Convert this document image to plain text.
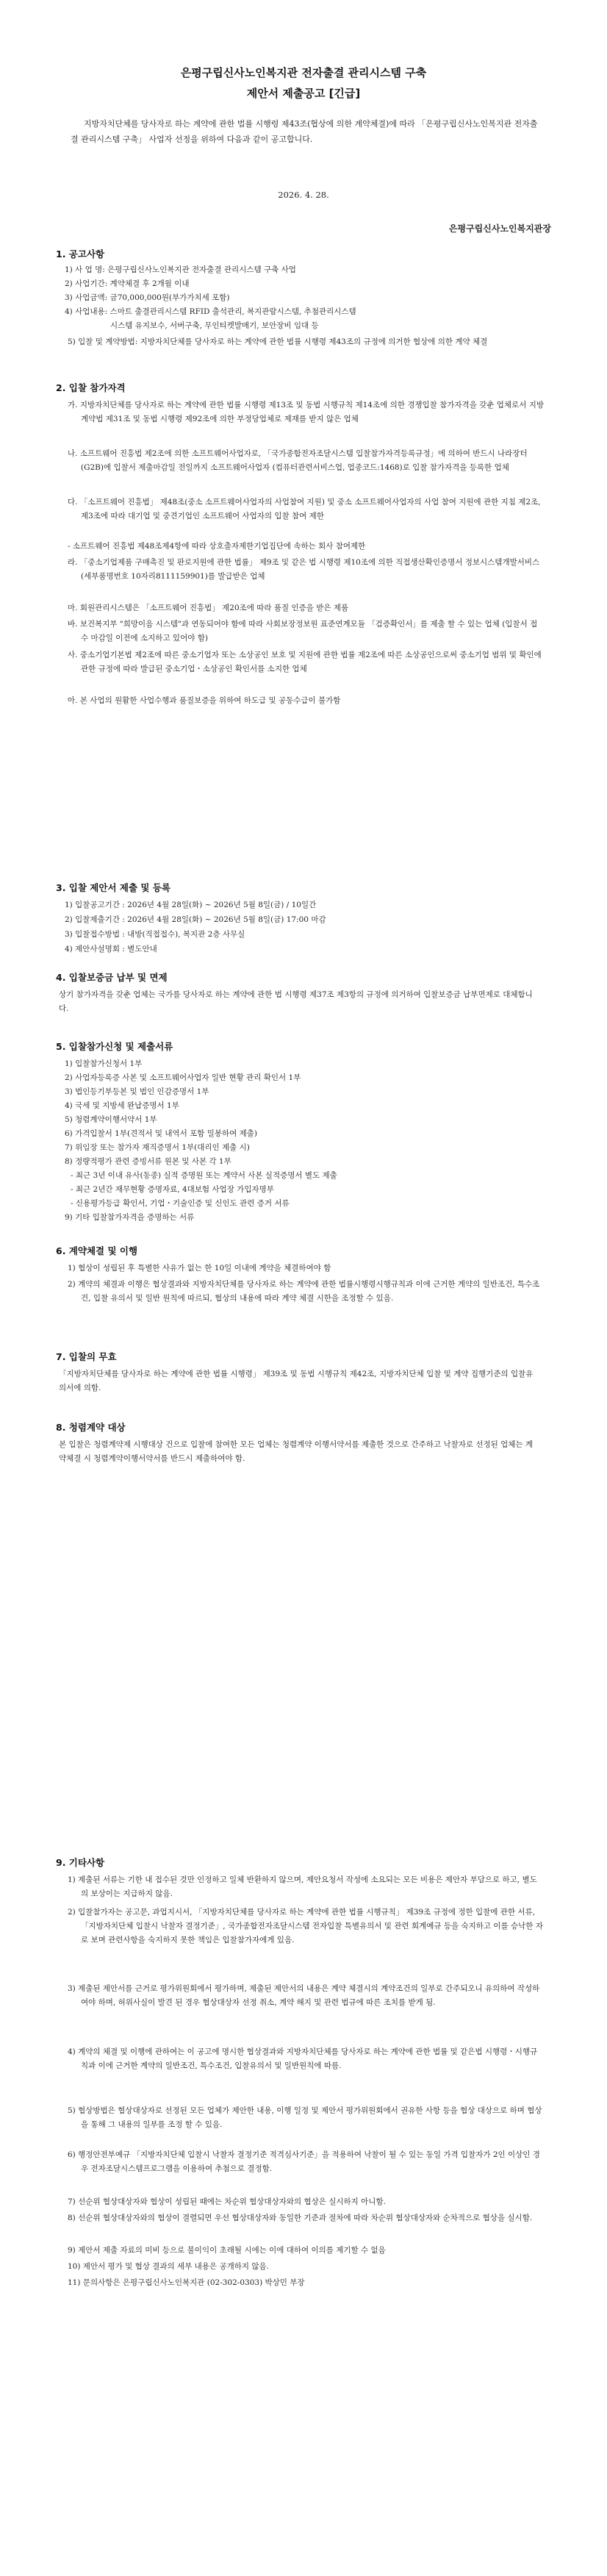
은평구립신사노인복지관 전자출결 관리시스템 구축
제안서 제출공고 [긴급]

지방자치단체를 당사자로 하는 계약에 관한 법률 시행령 제43조(협상에 의한 계약체결)에 따라 「은평구립신사노인복지관 전자출결 관리시스템 구축」 사업자 선정을 위하여 다음과 같이 공고합니다.

2026. 4. 28.
은평구립신사노인복지관장
1. 공고사항

1) 사 업 명: 은평구립신사노인복지관 전자출결 관리시스템 구축 사업

2) 사업기간: 계약체결 후 2개월 이내

3) 사업금액: 금70,000,000원(부가가치세 포함)

4) 사업내용: 스마트 출결관리시스템 RFID 출석관리, 복지관람시스템, 추첨관리시스템

시스템 유지보수, 서버구축, 무인티켓발매기, 보안장비 임대 등

5) 입찰 및 계약방법: 지방자치단체를 당사자로 하는 계약에 관한 법률 시행령 제43조의 규정에 의거한 협상에 의한 계약 체결

2. 입찰 참가자격

가. 지방자치단체를 당사자로 하는 계약에 관한 법률 시행령 제13조 및 동법 시행규칙 제14조에 의한 경쟁입찰 참가자격을 갖춘 업체로서 지방계약법 제31조 및 동법 시행령 제92조에 의한 부정당업체로 제재를 받지 않은 업체

나. 소프트웨어 진흥법 제2조에 의한 소프트웨어사업자로, 「국가종합전자조달시스템 입찰참가자격등록규정」에 의하여 반드시 나라장터(G2B)에 입찰서 제출마감일 전일까지 소프트웨어사업자 (컴퓨터관련서비스업, 업종코드:1468)로 입찰 참가자격을 등록한 업체

다. 「소프트웨어 진흥법」 제48조(중소 소프트웨어사업자의 사업참여 지원) 및 중소 소프트웨어사업자의 사업 참여 지원에 관한 지침 제2조, 제3조에 따라 대기업 및 중견기업인 소프트웨어 사업자의 입찰 참여 제한

- 소프트웨어 진흥법 제48조제4항에 따라 상호출자제한기업집단에 속하는 회사 참여제한

라. 「중소기업제품 구매촉진 및 판로지원에 관한 법률」 제9조 및 같은 법 시행령 제10조에 의한 직접생산확인증명서 정보시스템개발서비스(세부품명번호 10자리8111159901)를 발급받은 업체

마. 회원관리시스템은 「소프트웨어 진흥법」 제20조에 따라 품질 인증을 받은 제품

바. 보건복지부 "희망이음 시스템"과 연동되어야 함에 따라 사회보장정보원 표준연계모듈 「검증확인서」를 제출 할 수 있는 업체 (입찰서 접수 마감일 이전에 소지하고 있어야 함)

사. 중소기업기본법 제2조에 따른 중소기업자 또는 소상공인 보호 및 지원에 관한 법률 제2조에 따른 소상공인으로써 중소기업 범위 및 확인에 관한 규정에 따라 발급된 중소기업・소상공인 확인서를 소지한 업체

아. 본 사업의 원활한 사업수행과 품질보증을 위하여 하도급 및 공동수급이 불가함

3. 입찰 제안서 제출 및 등록

1) 입찰공고기간 : 2026년 4월 28일(화) ~ 2026년 5월 8일(금) / 10일간

2) 입찰제출기간 : 2026년 4월 28일(화) ~ 2026년 5월 8일(금) 17:00 마감

3) 입찰접수방법 : 내방(직접접수), 복지관 2층 사무실

4) 제안사설명회 : 별도안내

4. 입찰보증금 납부 및 면제

상기 참가자격을 갖춘 업체는 국가를 당사자로 하는 계약에 관한 법 시행령 제37조 제3항의 규정에 의거하여 입찰보증금 납부면제로 대체합니다.

5. 입찰참가신청 및 제출서류

1) 입찰참가신청서 1부

2) 사업자등록증 사본 및 소프트웨어사업자 일반 현황 관리 확인서 1부

3) 법인등기부등본 및 법인 인감증명서 1부

4) 국세 및 지방세 완납증명서 1부

5) 청렴계약이행서약서 1부

6) 가격입찰서 1부(견적서 및 내역서 포함 밀봉하여 제출)

7) 위임장 또는 참가자 재직증명서 1부(대리인 제출 시)

8) 정량적평가 관련 증빙서류 원본 및 사본 각 1부

- 최근 3년 이내 유사(동종) 실적 증명원 또는 계약서 사본 실적증명서 별도 제출

- 최근 2년간 재무현황 증명자료, 4대보험 사업장 가입자명부

- 신용평가등급 확인서, 기업・기술인증 및 신인도 관련 증거 서류

9) 기타 입찰참가자격을 증명하는 서류

6. 계약체결 및 이행

1) 협상이 성립된 후 특별한 사유가 없는 한 10일 이내에 계약을 체결하여야 함

2) 계약의 체결과 이행은 협상결과와 지방자치단체를 당사자로 하는 계약에 관한 법률시행령시행규칙과 이에 근거한 계약의 일반조건, 특수조건, 입찰 유의서 및 일반 원칙에 따르되, 협상의 내용에 따라 계약 체결 시한을 조정할 수 있음.

7. 입찰의 무효

「지방자치단체를 당사자로 하는 계약에 관한 법률 시행령」 제39조 및 동법 시행규칙 제42조, 지방자치단체 입찰 및 계약 집행기준의 입찰유의서에 의함.

8. 청렴계약 대상

본 입찰은 청렴계약제 시행대상 건으로 입찰에 참여한 모든 업체는 청렴계약 이행서약서를 제출한 것으로 간주하고 낙찰자로 선정된 업체는 계약체결 시 청렴계약이행서약서를 반드시 제출하여야 함.

9. 기타사항

1) 제출된 서류는 기한 내 접수된 것만 인정하고 일체 반환하지 않으며, 제안요청서 작성에 소요되는 모든 비용은 제안자 부담으로 하고, 별도의 보상이는 지급하지 않음.

2) 입찰참가자는 공고문, 과업지시서, 「지방자치단체를 당사자로 하는 계약에 관한 법률 시행규칙」 제39조 규정에 정한 입찰에 관한 서류, 「지방자치단체 입찰시 낙찰자 결정기준」, 국가종합전자조달시스템 전자입찰 특별유의서 및 관련 회계예규 등을 숙지하고 이를 승낙한 자로 보며 관련사항을 숙지하지 못한 책임은 입찰참가자에게 있음.

3) 제출된 제안서를 근거로 평가위원회에서 평가하며, 제출된 제안서의 내용은 계약 체결시의 계약조건의 일부로 간주되오니 유의하여 작성하여야 하며, 허위사실이 발견 된 경우 협상대상자 선정 취소, 계약 해지 및 관련 법규에 따른 조치를 받게 됨.

4) 계약의 체결 및 이행에 관하여는 이 공고에 명시한 협상결과와 지방자치단체를 당사자로 하는 계약에 관한 법률 및 같은법 시행령・시행규칙과 이에 근거한 계약의 일반조건, 특수조건, 입찰유의서 및 일반원칙에 따름.

5) 협상방법은 협상대상자로 선정된 모든 업체가 제안한 내용, 이행 일정 및 제안서 평가위원회에서 권유한 사항 등을 협상 대상으로 하며 협상을 통해 그 내용의 일부를 조정 할 수 있음.

6) 행정안전부예규 「지방자치단체 입찰시 낙찰자 결정기준 적격심사기준」을 적용하여 낙찰이 될 수 있는 동일 가격 입찰자가 2인 이상인 경우 전자조달시스템프로그램을 이용하여 추첨으로 결정함.

7) 선순위 협상대상자와 협상이 성립된 때에는 차순위 협상대상자와의 협상은 실시하지 아니함.

8) 선순위 협상대상자와의 협상이 결렬되면 우선 협상대상자와 동일한 기준과 절차에 따라 차순위 협상대상자와 순차적으로 협상을 실시함.

9) 제안서 제출 자료의 미비 등으로 불이익이 초래될 시에는 이에 대하여 이의를 제기할 수 없음

10) 제안서 평가 및 협상 결과의 세부 내용은 공개하지 않음.

11) 문의사항은 은평구립신사노인복지관 (02-302-0303) 박상민 부장
